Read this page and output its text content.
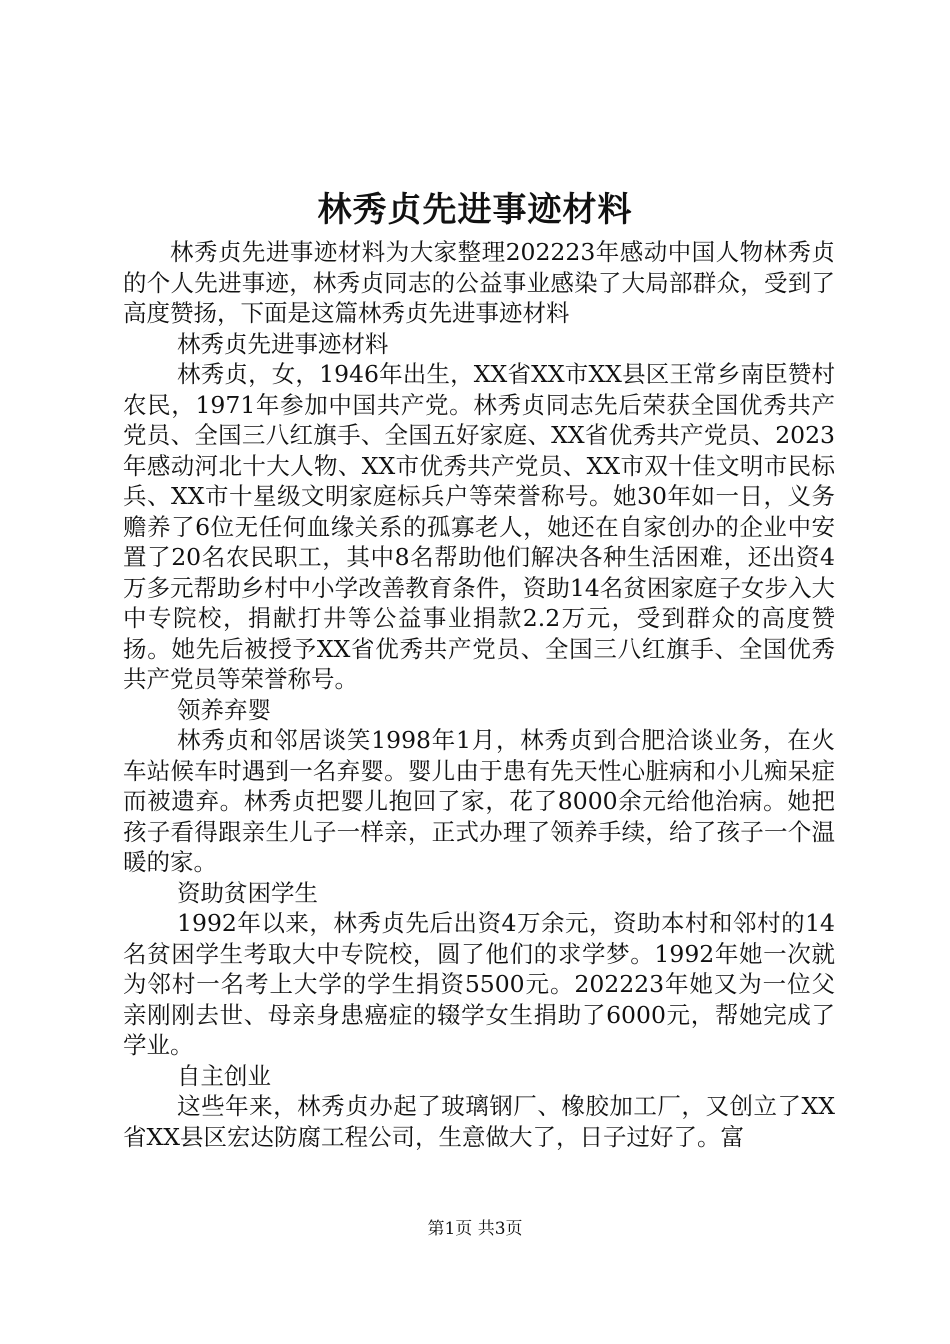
林秀贞先进事迹材料

林秀贞先进事迹材料为大家整理202223年感动中国人物林秀贞的个人先进事迹，林秀贞同志的公益事业感染了大局部群众，受到了高度赞扬，下面是这篇林秀贞先进事迹材料

林秀贞先进事迹材料

林秀贞，女，1946年出生，XX省XX市XX县区王常乡南臣赞村农民，1971年参加中国共产党。林秀贞同志先后荣获全国优秀共产党员、全国三八红旗手、全国五好家庭、XX省优秀共产党员、2023年感动河北十大人物、XX市优秀共产党员、XX市双十佳文明市民标兵、XX市十星级文明家庭标兵户等荣誉称号。她30年如一日，义务赡养了6位无任何血缘关系的孤寡老人，她还在自家创办的企业中安置了20名农民职工，其中8名帮助他们解决各种生活困难，还出资4万多元帮助乡村中小学改善教育条件，资助14名贫困家庭子女步入大中专院校，捐献打井等公益事业捐款2.2万元，受到群众的高度赞扬。她先后被授予XX省优秀共产党员、全国三八红旗手、全国优秀共产党员等荣誉称号。

领养弃婴

林秀贞和邻居谈笑1998年1月，林秀贞到合肥洽谈业务，在火车站候车时遇到一名弃婴。婴儿由于患有先天性心脏病和小儿痴呆症而被遗弃。林秀贞把婴儿抱回了家，花了8000余元给他治病。她把孩子看得跟亲生儿子一样亲，正式办理了领养手续，给了孩子一个温暖的家。

资助贫困学生

1992年以来，林秀贞先后出资4万余元，资助本村和邻村的14名贫困学生考取大中专院校，圆了他们的求学梦。1992年她一次就为邻村一名考上大学的学生捐资5500元。202223年她又为一位父亲刚刚去世、母亲身患癌症的辍学女生捐助了6000元，帮她完成了学业。

自主创业

这些年来，林秀贞办起了玻璃钢厂、橡胶加工厂，又创立了XX省XX县区宏达防腐工程公司，生意做大了，日子过好了。富

第1页 共3页
